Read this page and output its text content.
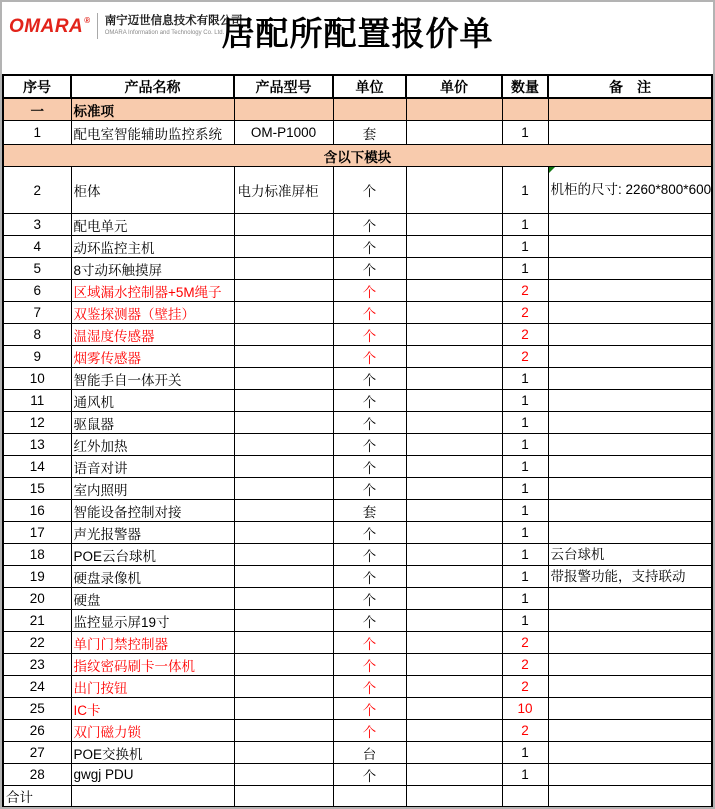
OMARA® 南宁迈世信息技术有限公司
OMARA Information and Technology Co. Ltd.
居配所配置报价单
序号	产品名称	产品型号	单位	单价	数量	备　注
一	标准项					
1	配电室智能辅助监控系统	OM-P1000	套		1	
含以下模块						
2	柜体	电力标准屏柜	个		1	机柜的尺寸: 2260*800*600

3	配电单元		个		1	
4	动环监控主机		个		1	
5	8寸动环触摸屏		个		1	
6	区域漏水控制器+5M绳子		个		2	
7	双鉴探测器（壁挂）		个		2	
8	温湿度传感器		个		2	
9	烟雾传感器		个		2	
10	智能手自一体开关		个		1	
11	通风机		个		1	
12	驱鼠器		个		1	
13	红外加热		个		1	
14	语音对讲		个		1	
15	室内照明		个		1	
16	智能设备控制对接		套		1	
17	声光报警器		个		1	
18	POE云台球机		个		1	云台球机
19	硬盘录像机		个		1	带报警功能，支持联动
20	硬盘		个		1	
21	监控显示屏19寸		个		1	
22	单门门禁控制器		个		2	
23	指纹密码刷卡一体机		个		2	
24	出门按钮		个		2	
25	IC卡		个		10	
26	双门磁力锁		个		2	
27	POE交换机		台		1	
28	gwgj PDU		个		1	
合计						
